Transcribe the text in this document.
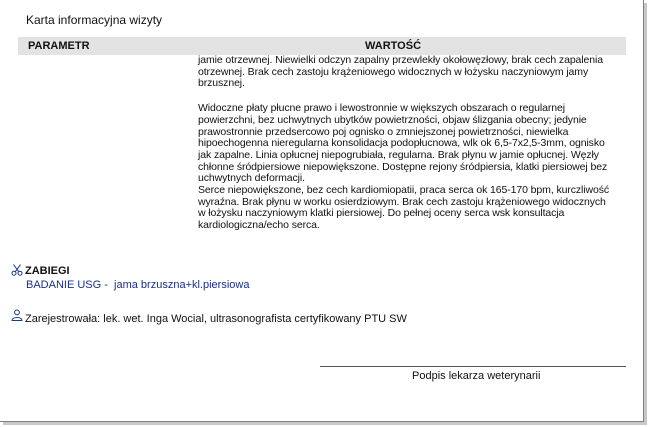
Karta informacyjna wizyty
PARAMETR	WARTOŚĆ

jamie otrzewnej. Niewielki odczyn zapalny przewlekły okołowęzłowy, brak cech zapalenia
otrzewnej. Brak cech zastoju krążeniowego widocznych w łożysku naczyniowym jamy
brzusznej.

Widoczne płaty płucne prawo i lewostronnie w większych obszarach o regularnej
powierzchni, bez uchwytnych ubytków powietrzności, objaw ślizgania obecny; jedynie
prawostronnie przedsercowo poj ognisko o zmniejszonej powietrzności, niewielka
hipoechogenna nieregularna konsolidacja podopłucnowa, wlk ok 6,5-7x2,5-3mm, ognisko
jak zapalne. Linia opłucnej niepogrubiała, regularna. Brak płynu w jamie opłucnej. Węzły
chłonne śródpiersiowe niepowiększone. Dostępne rejony śródpiersia, klatki piersiowej bez
uchwytnych deformacji.
Serce niepowiększone, bez cech kardiomiopatii, praca serca ok 165-170 bpm, kurczliwość
wyraźna. Brak płynu w worku osierdziowym. Brak cech zastoju krążeniowego widocznych
w łożysku naczyniowym klatki piersiowej. Do pełnej oceny serca wsk konsultacja
kardiologiczna/echo serca.

ZABIEGI
BADANIE USG - jama brzuszna+kl.piersiowa
Zarejestrowała: lek. wet. Inga Wocial, ultrasonografista certyfikowany PTU SW
Podpis lekarza weterynarii
